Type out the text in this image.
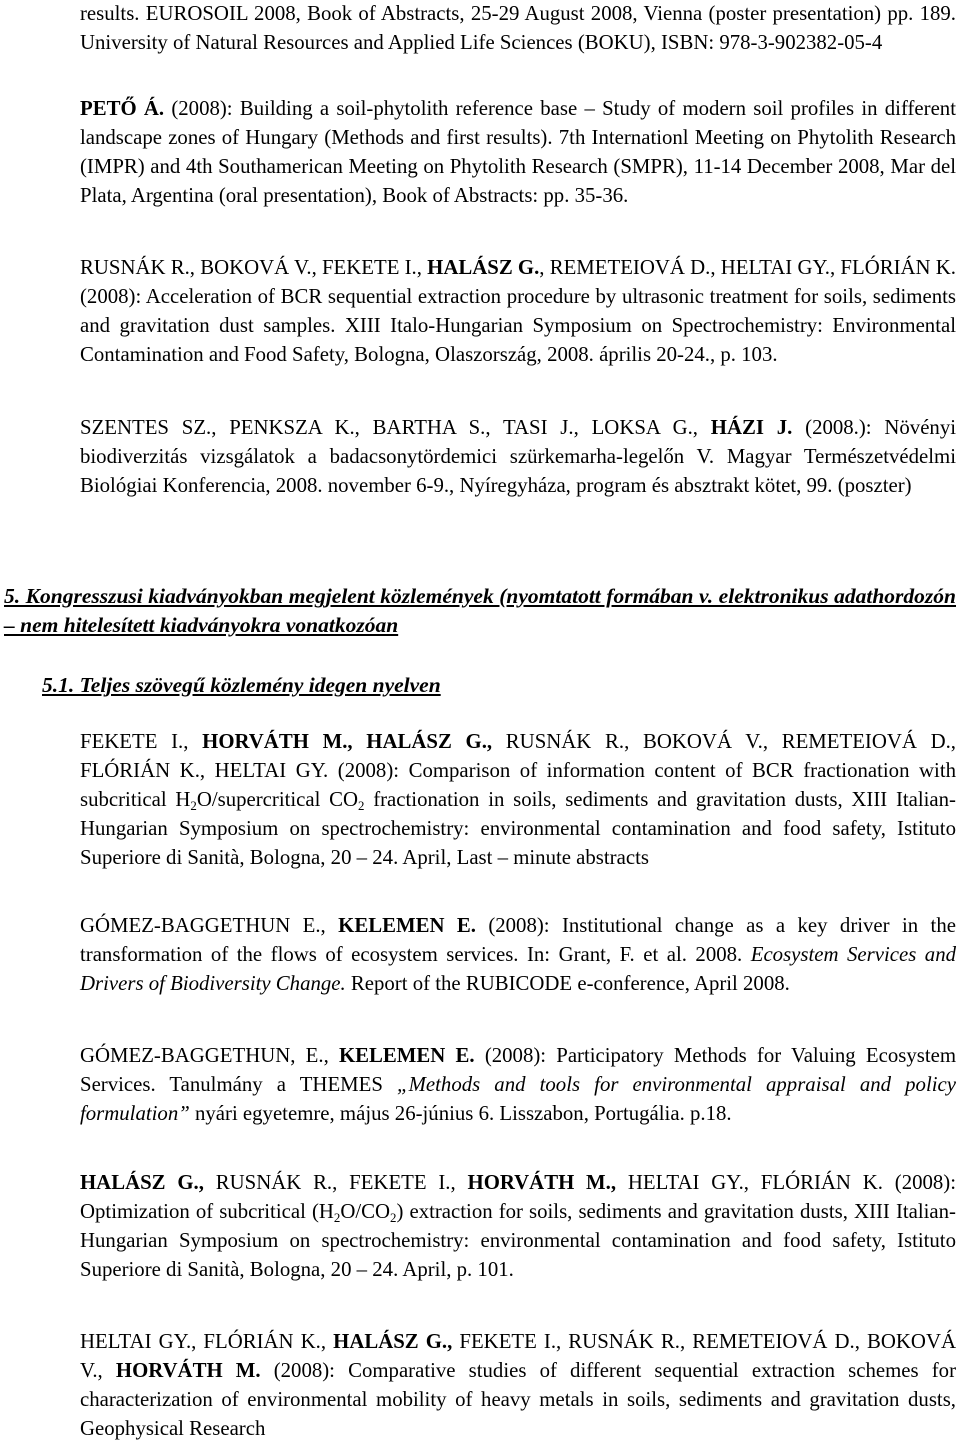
results. EUROSOIL 2008, Book of Abstracts, 25-29 August 2008, Vienna (poster presentation) pp. 189. University of Natural Resources and Applied Life Sciences (BOKU), ISBN: 978-3-902382-05-4

PETŐ Á. (2008): Building a soil-phytolith reference base – Study of modern soil profiles in different landscape zones of Hungary (Methods and first results). 7th Internationl Meeting on Phytolith Research (IMPR) and 4th Southamerican Meeting on Phytolith Research (SMPR), 11-14 December 2008, Mar del Plata, Argentina (oral presentation), Book of Abstracts: pp. 35-36.

RUSNÁK R., BOKOVÁ V., FEKETE I., HALÁSZ G., REMETEIOVÁ D., HELTAI GY., FLÓRIÁN K. (2008): Acceleration of BCR sequential extraction procedure by ultrasonic treatment for soils, sediments and gravitation dust samples. XIII Italo-Hungarian Symposium on Spectrochemistry: Environmental Contamination and Food Safety, Bologna, Olaszország, 2008. április 20-24., p. 103.

SZENTES SZ., PENKSZA K., BARTHA S., TASI J., LOKSA G., HÁZI J. (2008.): Növényi biodiverzitás vizsgálatok a badacsonytördemici szürkemarha-legelőn V. Magyar Természetvédelmi Biológiai Konferencia, 2008. november 6-9., Nyíregyháza, program és absztrakt kötet, 99. (poszter)

5. Kongresszusi kiadványokban megjelent közlemények (nyomtatott formában v. elektronikus adathordozón – nem hitelesített kiadványokra vonatkozóan

5.1. Teljes szövegű közlemény idegen nyelven

FEKETE I., HORVÁTH M., HALÁSZ G., RUSNÁK R., BOKOVÁ V., REMETEIOVÁ D., FLÓRIÁN K., HELTAI GY. (2008): Comparison of information content of BCR fractionation with subcritical $H_2O$/supercritical $CO_2$ fractionation in soils, sediments and gravitation dusts, XIII Italian-Hungarian Symposium on spectrochemistry: environmental contamination and food safety, Istituto Superiore di Sanità, Bologna, 20 – 24. April, Last – minute abstracts

GÓMEZ-BAGGETHUN E., KELEMEN E. (2008): Institutional change as a key driver in the transformation of the flows of ecosystem services. In: Grant, F. et al. 2008. Ecosystem Services and Drivers of Biodiversity Change. Report of the RUBICODE e-conference, April 2008.

GÓMEZ-BAGGETHUN, E., KELEMEN E. (2008): Participatory Methods for Valuing Ecosystem Services. Tanulmány a THEMES „Methods and tools for environmental appraisal and policy formulation” nyári egyetemre, május 26-június 6. Lisszabon, Portugália. p.18.

HALÁSZ G., RUSNÁK R., FEKETE I., HORVÁTH M., HELTAI GY., FLÓRIÁN K. (2008): Optimization of subcritical $(H_2O/CO_2)$ extraction for soils, sediments and gravitation dusts, XIII Italian-Hungarian Symposium on spectrochemistry: environmental contamination and food safety, Istituto Superiore di Sanità, Bologna, 20 – 24. April, p. 101.

HELTAI GY., FLÓRIÁN K., HALÁSZ G., FEKETE I., RUSNÁK R., REMETEIOVÁ D., BOKOVÁ V., HORVÁTH M. (2008): Comparative studies of different sequential extraction schemes for characterization of environmental mobility of heavy metals in soils, sediments and gravitation dusts, Geophysical Research
